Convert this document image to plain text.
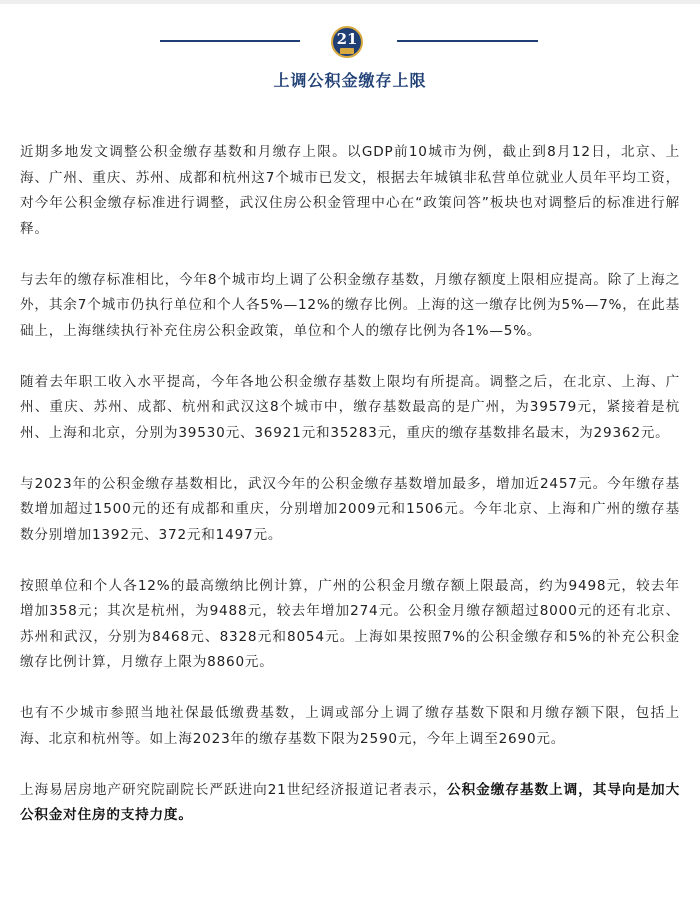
21
上调公积金缴存上限

近期多地发文调整公积金缴存基数和月缴存上限。以GDP前10城市为例，截止到8月12日，北京、上海、广州、重庆、苏州、成都和杭州这7个城市已发文，根据去年城镇非私营单位就业人员年平均工资，对今年公积金缴存标准进行调整，武汉住房公积金管理中心在“政策问答”板块也对调整后的标准进行解释。

与去年的缴存标准相比，今年8个城市均上调了公积金缴存基数，月缴存额度上限相应提高。除了上海之外，其余7个城市仍执行单位和个人各5%—12%的缴存比例。上海的这一缴存比例为5%—7%，在此基础上，上海继续执行补充住房公积金政策，单位和个人的缴存比例为各1%—5%。

随着去年职工收入水平提高，今年各地公积金缴存基数上限均有所提高。调整之后，在北京、上海、广州、重庆、苏州、成都、杭州和武汉这8个城市中，缴存基数最高的是广州，为39579元，紧接着是杭州、上海和北京，分别为39530元、36921元和35283元，重庆的缴存基数排名最末，为29362元。

与2023年的公积金缴存基数相比，武汉今年的公积金缴存基数增加最多，增加近2457元。今年缴存基数增加超过1500元的还有成都和重庆，分别增加2009元和1506元。今年北京、上海和广州的缴存基数分别增加1392元、372元和1497元。

按照单位和个人各12%的最高缴纳比例计算，广州的公积金月缴存额上限最高，约为9498元，较去年增加358元；其次是杭州，为9488元，较去年增加274元。公积金月缴存额超过8000元的还有北京、苏州和武汉，分别为8468元、8328元和8054元。上海如果按照7%的公积金缴存和5%的补充公积金缴存比例计算，月缴存上限为8860元。

也有不少城市参照当地社保最低缴费基数，上调或部分上调了缴存基数下限和月缴存额下限，包括上海、北京和杭州等。如上海2023年的缴存基数下限为2590元，今年上调至2690元。

上海易居房地产研究院副院长严跃进向21世纪经济报道记者表示，公积金缴存基数上调，其导向是加大公积金对住房的支持力度。
